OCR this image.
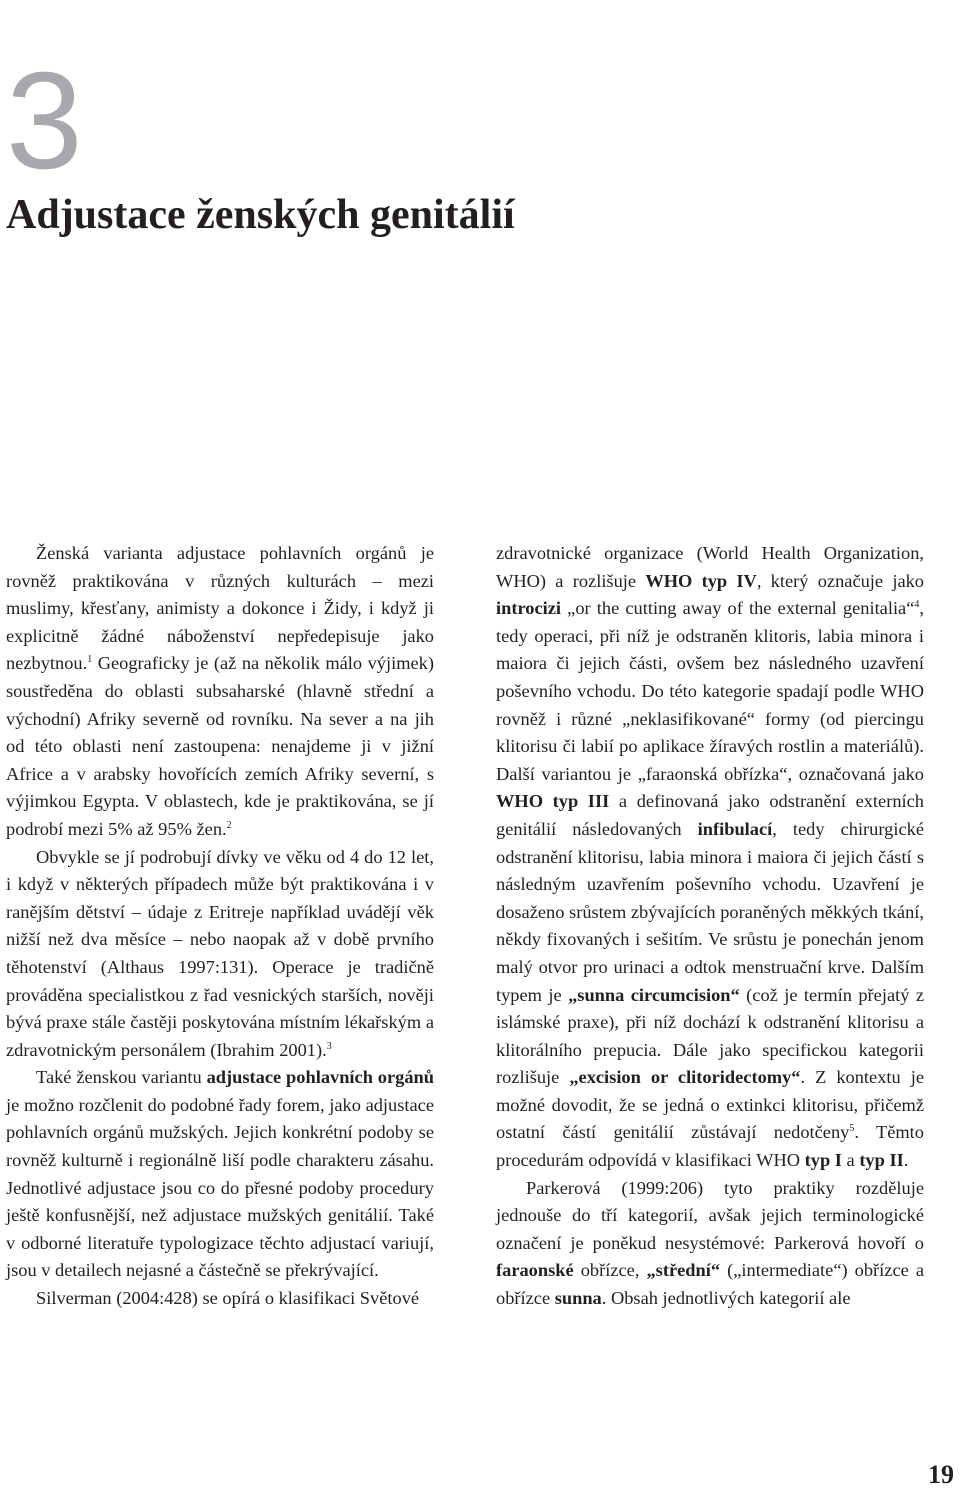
3
Adjustace ženských genitálií

Ženská varianta adjustace pohlavních orgánů je rovněž praktikována v různých kulturách – mezi muslimy, křesťany, animisty a dokonce i Židy, i když ji explicitně žádné náboženství nepředepisuje jako nezbytnou.$^1$ Geograficky je (až na několik málo výjimek) soustředěna do oblasti subsaharské (hlavně střední a východní) Afriky severně od rovníku. Na sever a na jih od této oblasti není zastoupena: nenajdeme ji v jižní Africe a v arabsky hovořících zemích Afriky severní, s výjimkou Egypta. V oblastech, kde je praktikována, se jí podrobí mezi 5% až 95% žen.$^2$

Obvykle se jí podrobují dívky ve věku od 4 do 12 let, i když v některých případech může být praktikována i v ranějším dětství – údaje z Eritreje například uvádějí věk nižší než dva měsíce – nebo naopak až v době prvního těhotenství (Althaus 1997:131). Operace je tradičně prováděna specialistkou z řad vesnických starších, nověji bývá praxe stále častěji poskytována místním lékařským a zdravotnickým personálem (Ibrahim 2001).$^3$

Také ženskou variantu adjustace pohlavních orgánů je možno rozčlenit do podobné řady forem, jako adjustace pohlavních orgánů mužských. Jejich konkrétní podoby se rovněž kulturně i regionálně liší podle charakteru zásahu. Jednotlivé adjustace jsou co do přesné podoby procedury ještě konfusnější, než adjustace mužských genitálií. Také v odborné literatuře typologizace těchto adjustací variují, jsou v detailech nejasné a částečně se překrývající.

Silverman (2004:428) se opírá o klasifikaci Světové

zdravotnické organizace (World Health Organization, WHO) a rozlišuje WHO typ IV, který označuje jako introcizi „or the cutting away of the external genitalia“$^4$, tedy operaci, při níž je odstraněn klitoris, labia minora i maiora či jejich části, ovšem bez následného uzavření poševního vchodu. Do této kategorie spadají podle WHO rovněž i různé „neklasifikované“ formy (od piercingu klitorisu či labií po aplikace žíravých rostlin a materiálů). Další variantou je „faraonská obřízka“, označovaná jako WHO typ III a definovaná jako odstranění externích genitálií následovaných infibulací, tedy chirurgické odstranění klitorisu, labia minora i maiora či jejich částí s následným uzavřením poševního vchodu. Uzavření je dosaženo srůstem zbývajících poraněných měkkých tkání, někdy fixovaných i sešitím. Ve srůstu je ponechán jenom malý otvor pro urinaci a odtok menstruační krve. Dalším typem je „sunna circumcision“ (což je termín přejatý z islámské praxe), při níž dochází k odstranění klitorisu a klitorálního prepucia. Dále jako specifickou kategorii rozlišuje „excision or clitoridectomy“. Z kontextu je možné dovodit, že se jedná o extinkci klitorisu, přičemž ostatní částí genitálií zůstávají nedotčeny$^5$. Těmto procedurám odpovídá v klasifikaci WHO typ I a typ II.

Parkerová (1999:206) tyto praktiky rozděluje jednouše do tří kategorií, avšak jejich terminologické označení je poněkud nesystémové: Parkerová hovoří o faraonské obřízce, „střední“ („intermediate“) obřízce a obřízce sunna. Obsah jednotlivých kategorií ale

19
